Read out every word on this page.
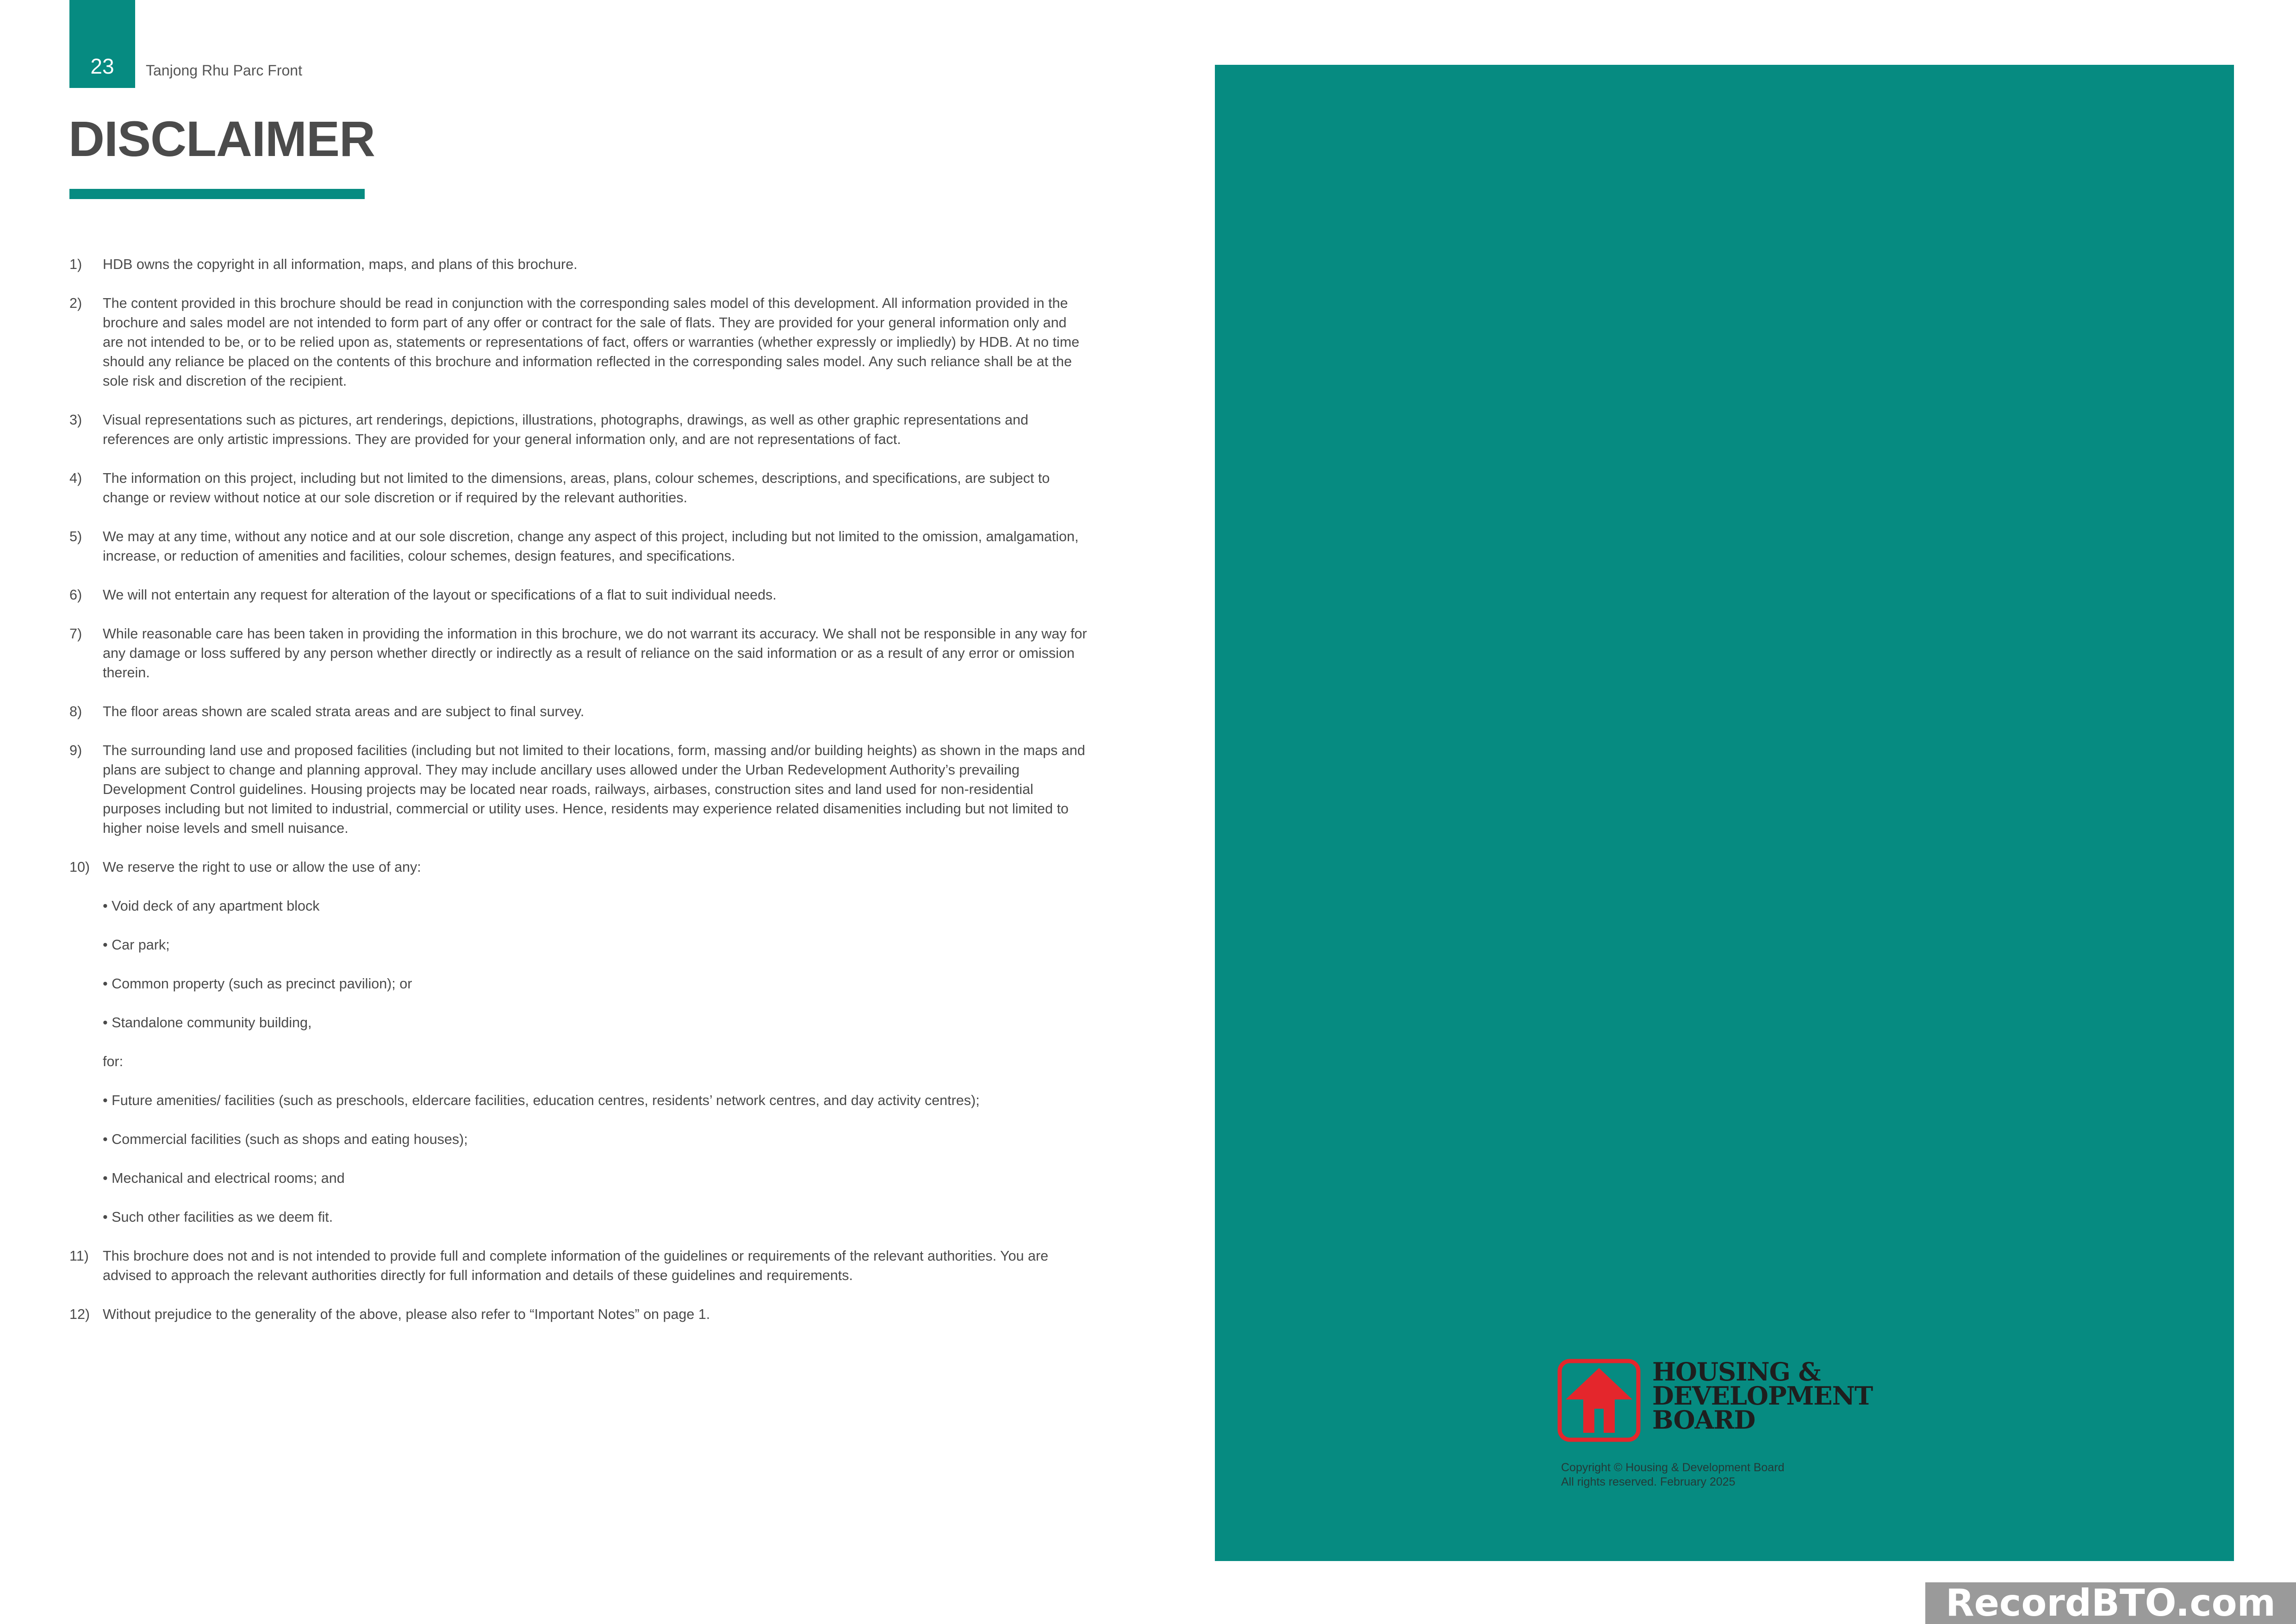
23	Tanjong Rhu Parc Front
DISCLAIMER
1) HDB owns the copyright in all information, maps, and plans of this brochure.

2) The content provided in this brochure should be read in conjunction with the corresponding sales model of this development. All information provided in the brochure and sales model are not intended to form part of any offer or contract for the sale of flats. They are provided for your general information only and are not intended to be, or to be relied upon as, statements or representations of fact, offers or warranties (whether expressly or impliedly) by HDB. At no time should any reliance be placed on the contents of this brochure and information reflected in the corresponding sales model. Any such reliance shall be at the sole risk and discretion of the recipient.

3) Visual representations such as pictures, art renderings, depictions, illustrations, photographs, drawings, as well as other graphic representations and references are only artistic impressions. They are provided for your general information only, and are not representations of fact.

4) The information on this project, including but not limited to the dimensions, areas, plans, colour schemes, descriptions, and specifications, are subject to change or review without notice at our sole discretion or if required by the relevant authorities.

5) We may at any time, without any notice and at our sole discretion, change any aspect of this project, including but not limited to the omission, amalgamation, increase, or reduction of amenities and facilities, colour schemes, design features, and specifications.

6) We will not entertain any request for alteration of the layout or specifications of a flat to suit individual needs.

7) While reasonable care has been taken in providing the information in this brochure, we do not warrant its accuracy. We shall not be responsible in any way for any damage or loss suffered by any person whether directly or indirectly as a result of reliance on the said information or as a result of any error or omission therein.

8) The floor areas shown are scaled strata areas and are subject to final survey.

9) The surrounding land use and proposed facilities (including but not limited to their locations, form, massing and/or building heights) as shown in the maps and plans are subject to change and planning approval. They may include ancillary uses allowed under the Urban Redevelopment Authority’s prevailing Development Control guidelines. Housing projects may be located near roads, railways, airbases, construction sites and land used for non-residential purposes including but not limited to industrial, commercial or utility uses. Hence, residents may experience related disamenities including but not limited to higher noise levels and smell nuisance.

10) We reserve the right to use or allow the use of any:

• Void deck of any apartment block

• Car park;

• Common property (such as precinct pavilion); or

• Standalone community building,

for:

• Future amenities/ facilities (such as preschools, eldercare facilities, education centres, residents’ network centres, and day activity centres);

• Commercial facilities (such as shops and eating houses);

• Mechanical and electrical rooms; and

• Such other facilities as we deem fit.

11) This brochure does not and is not intended to provide full and complete information of the guidelines or requirements of the relevant authorities. You are advised to approach the relevant authorities directly for full information and details of these guidelines and requirements.

12) Without prejudice to the generality of the above, please also refer to “Important Notes” on page 1.

HOUSING &
DEVELOPMENT
BOARD
Copyright © Housing & Development Board
All rights reserved. February 2025
RecordBTO.com
